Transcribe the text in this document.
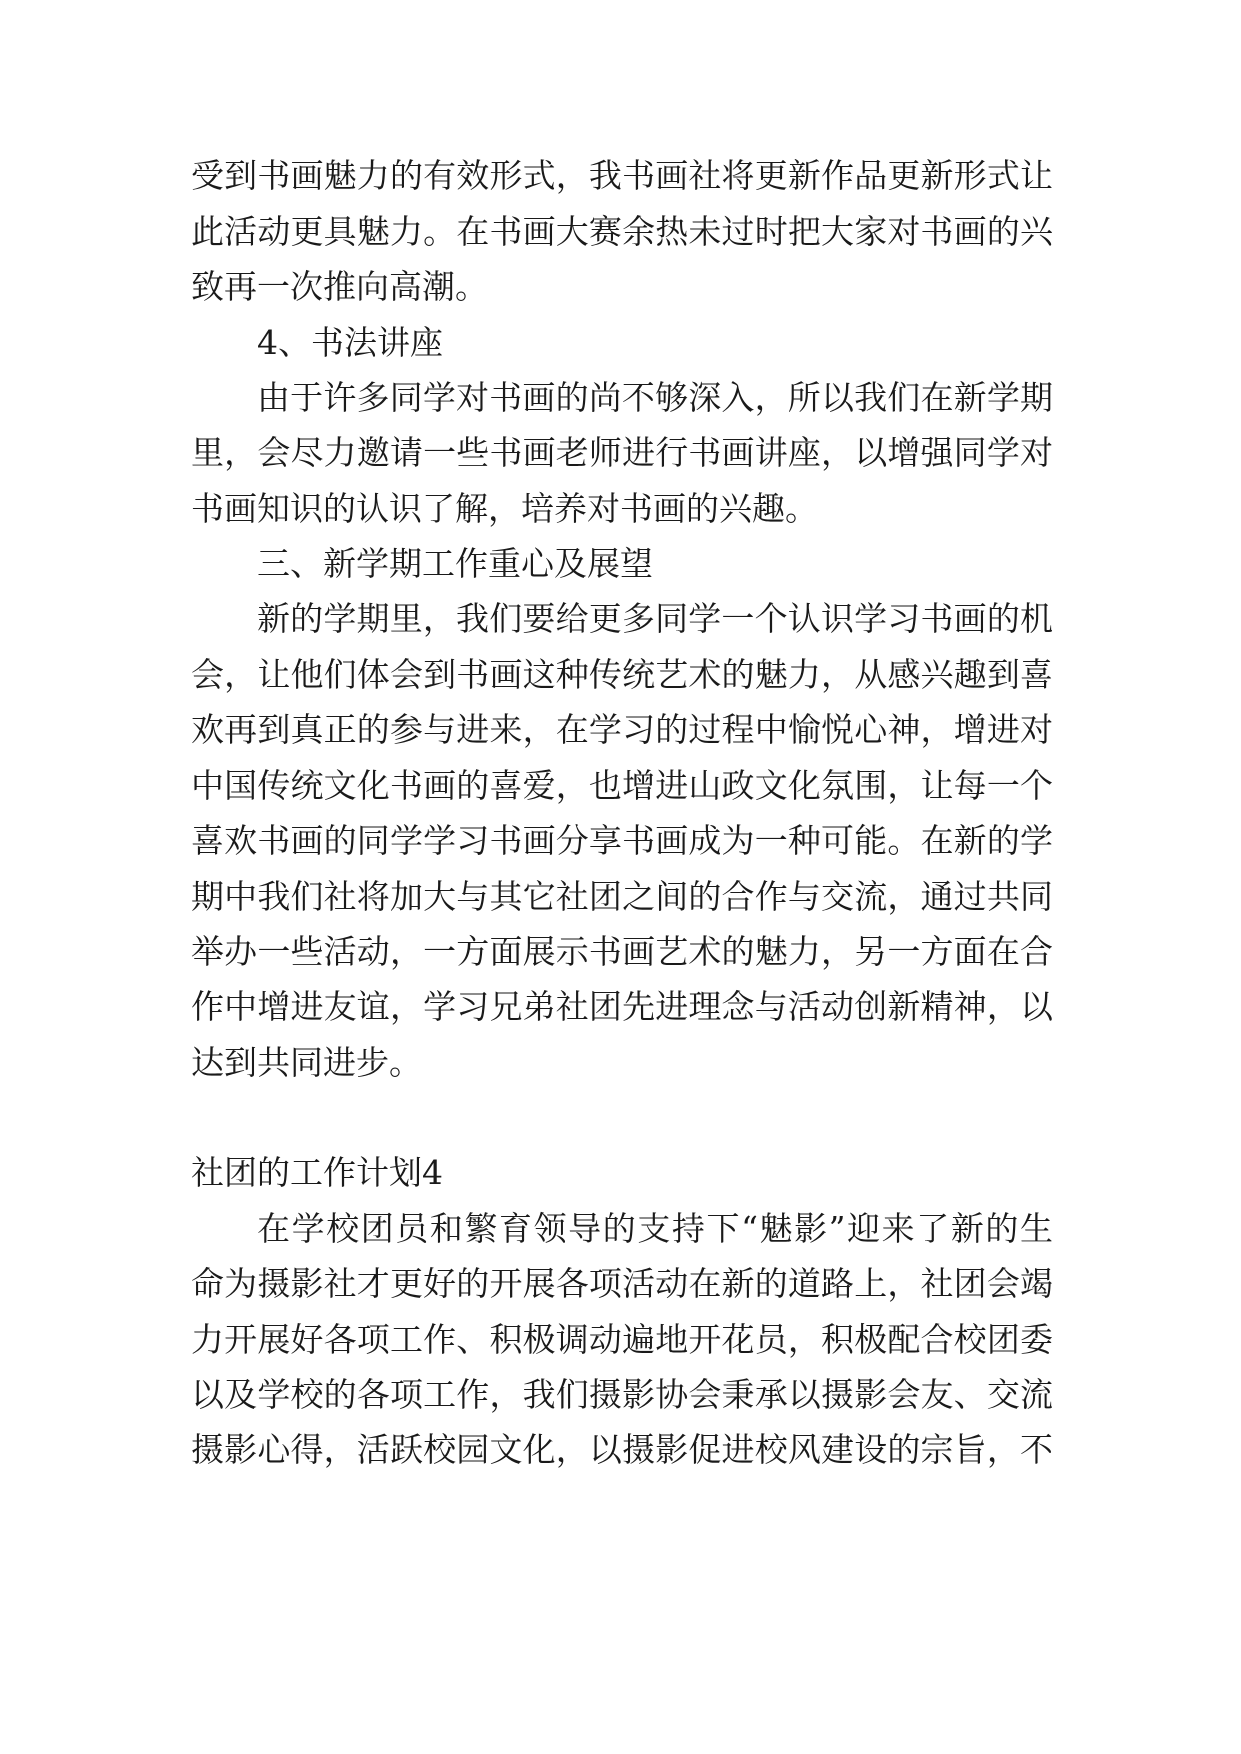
受到书画魅力的有效形式，我书画社将更新作品更新形式让
此活动更具魅力。在书画大赛余热未过时把大家对书画的兴
致再一次推向高潮。
4、书法讲座
由于许多同学对书画的尚不够深入，所以我们在新学期
里，会尽力邀请一些书画老师进行书画讲座，以增强同学对
书画知识的认识了解，培养对书画的兴趣。
三、新学期工作重心及展望
新的学期里，我们要给更多同学一个认识学习书画的机
会，让他们体会到书画这种传统艺术的魅力，从感兴趣到喜
欢再到真正的参与进来，在学习的过程中愉悦心神，增进对
中国传统文化书画的喜爱，也增进山政文化氛围，让每一个
喜欢书画的同学学习书画分享书画成为一种可能。在新的学
期中我们社将加大与其它社团之间的合作与交流，通过共同
举办一些活动，一方面展示书画艺术的魅力，另一方面在合
作中增进友谊，学习兄弟社团先进理念与活动创新精神，以
达到共同进步。
社团的工作计划4
在学校团员和繁育领导的支持下“魅影”迎来了新的生
命为摄影社才更好的开展各项活动在新的道路上，社团会竭
力开展好各项工作、积极调动遍地开花员，积极配合校团委
以及学校的各项工作，我们摄影协会秉承以摄影会友、交流
摄影心得，活跃校园文化，以摄影促进校风建设的宗旨，不
